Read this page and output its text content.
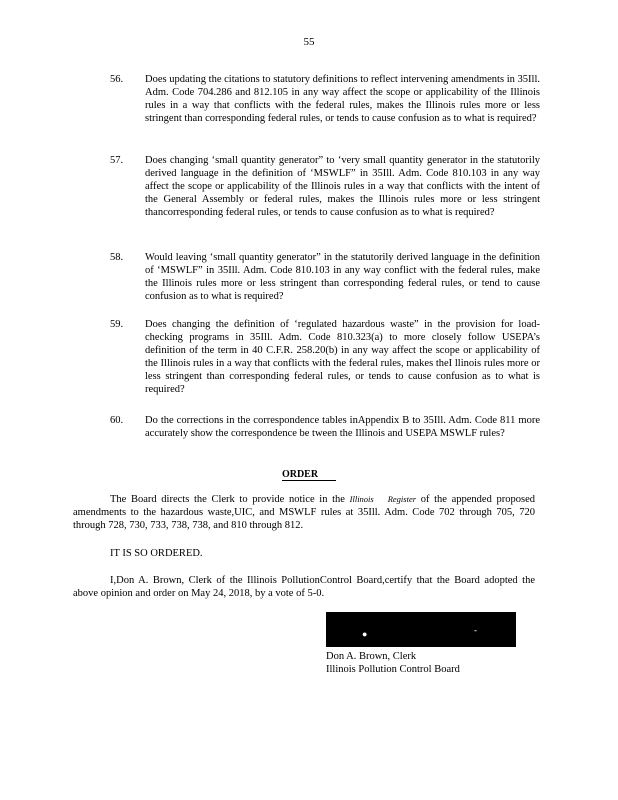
55
56. Does updating the citations to statutory definitions to reflect intervening amendments in 35Ill. Adm. Code 704.286 and 812.105 in any way affect the scope or applicability of the Illinois rules in a way that conflicts with the federal rules, makes the Illinois rules more or less stringent than corresponding federal rules, or tends to cause confusion as to what is required?
57. Does changing ‘small quantity generator” to ‘very small quantity generator in the statutorily derived language in the definition of ‘MSWLF” in 35Ill. Adm. Code 810.103 in any way affect the scope or applicability of the Illinois rules in a way that conflicts with the intent of the General Assembly or federal rules, makes the Illinois rules more or less stringent thancorresponding federal rules, or tends to cause confusion as to what is required?
58. Would leaving ‘small quantity generator” in the statutorily derived language in the definition of ‘MSWLF” in 35Ill. Adm. Code 810.103 in any way conflict with the federal rules, make the Illinois rules more or less stringent than corresponding federal rules, or tend to cause confusion as to what is required?
59. Does changing the definition of ‘regulated hazardous waste” in the provision for load-checking programs in 35Ill. Adm. Code 810.323(a) to more closely follow USEPA’s definition of the term in 40 C.F.R. 258.20(b) in any way affect the scope or applicability of the Illinois rules in a way that conflicts with the federal rules, makes theI llinois rules more or less stringent than corresponding federal rules, or tends to cause confusion as to what is required?
60. Do the corrections in the correspondence tables inAppendix B to 35Ill. Adm. Code 811 more accurately show the correspondence be tween the Illinois and USEPA MSWLF rules?
ORDER
The Board directs the Clerk to provide notice in the Illinois Register of the appended proposed amendments to the hazardous waste,UIC, and MSWLF rules at 35Ill. Adm. Code 702 through 705, 720 through 728, 730, 733, 738, 738, and 810 through 812.
IT IS SO ORDERED.
I,Don A. Brown, Clerk of the Illinois PollutionControl Board,certify that the Board adopted the above opinion and order on May 24, 2018, by a vote of 5-0.
●	-
Don A. Brown, Clerk
Illinois Pollution Control Board
